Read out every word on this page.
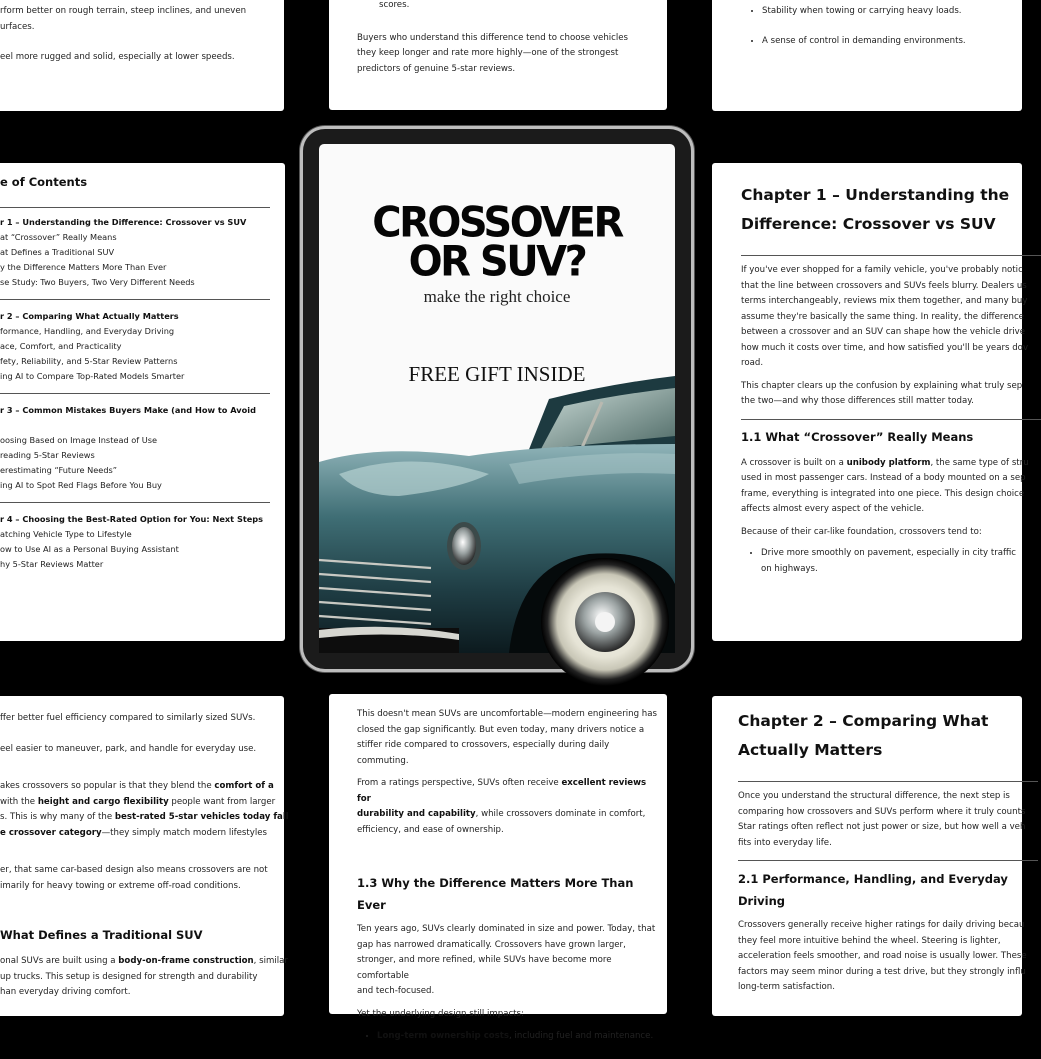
rform better on rough terrain, steep inclines, and uneven

urfaces.

eel more rugged and solid, especially at lower speeds.

scores.

Buyers who understand this difference tend to choose vehicles they keep longer and rate more highly—one of the strongest predictors of genuine 5-star reviews.

• Stability when towing or carrying heavy loads.
• A sense of control in demanding environments.
e of Contents
r 1 – Understanding the Difference: Crossover vs SUV
at “Crossover” Really Means
at Defines a Traditional SUV
y the Difference Matters More Than Ever
se Study: Two Buyers, Two Very Different Needs
r 2 – Comparing What Actually Matters
formance, Handling, and Everyday Driving
ace, Comfort, and Practicality
fety, Reliability, and 5-Star Review Patterns
ing AI to Compare Top-Rated Models Smarter
r 3 – Common Mistakes Buyers Make (and How to Avoid
oosing Based on Image Instead of Use
reading 5-Star Reviews
erestimating “Future Needs”
ing AI to Spot Red Flags Before You Buy
r 4 – Choosing the Best-Rated Option for You: Next Steps
atching Vehicle Type to Lifestyle
ow to Use AI as a Personal Buying Assistant
hy 5-Star Reviews Matter
Chapter 1 – Understanding the
Difference: Crossover vs SUV

If you've ever shopped for a family vehicle, you've probably notic

that the line between crossovers and SUVs feels blurry. Dealers us

terms interchangeably, reviews mix them together, and many buy

assume they're basically the same thing. In reality, the difference

between a crossover and an SUV can shape how the vehicle drive

how much it costs over time, and how satisfied you'll be years dov

road.

This chapter clears up the confusion by explaining what truly sep

the two—and why those differences still matter today.

1.1 What “Crossover” Really Means

A crossover is built on a unibody platform, the same type of stru

used in most passenger cars. Instead of a body mounted on a sep

frame, everything is integrated into one piece. This design choice

affects almost every aspect of the vehicle.

Because of their car-like foundation, crossovers tend to:

• Drive more smoothly on pavement, especially in city traffic
on highways.

ffer better fuel efficiency compared to similarly sized SUVs.

eel easier to maneuver, park, and handle for everyday use.

akes crossovers so popular is that they blend the comfort of a

with the height and cargo flexibility people want from larger

s. This is why many of the best-rated 5-star vehicles today fall

e crossover category—they simply match modern lifestyles

er, that same car-based design also means crossovers are not

imarily for heavy towing or extreme off-road conditions.

What Defines a Traditional SUV

onal SUVs are built using a body-on-frame construction, similar

up trucks. This setup is designed for strength and durability

han everyday driving comfort.

This doesn't mean SUVs are uncomfortable—modern engineering has

closed the gap significantly. But even today, many drivers notice a

stiffer ride compared to crossovers, especially during daily commuting.

From a ratings perspective, SUVs often receive excellent reviews for

durability and capability, while crossovers dominate in comfort,

efficiency, and ease of ownership.

1.3 Why the Difference Matters More Than
Ever

Ten years ago, SUVs clearly dominated in size and power. Today, that

gap has narrowed dramatically. Crossovers have grown larger,

stronger, and more refined, while SUVs have become more comfortable

and tech-focused.

Yet the underlying design still impacts:

• Long-term ownership costs, including fuel and maintenance.
Chapter 2 – Comparing What
Actually Matters

Once you understand the structural difference, the next step is

comparing how crossovers and SUVs perform where it truly counts

Star ratings often reflect not just power or size, but how well a veh

fits into everyday life.

2.1 Performance, Handling, and Everyday
Driving

Crossovers generally receive higher ratings for daily driving becau

they feel more intuitive behind the wheel. Steering is lighter,

acceleration feels smoother, and road noise is usually lower. These

factors may seem minor during a test drive, but they strongly influ

long-term satisfaction.

CROSSOVER
OR SUV?
make the right choice
FREE GIFT INSIDE
